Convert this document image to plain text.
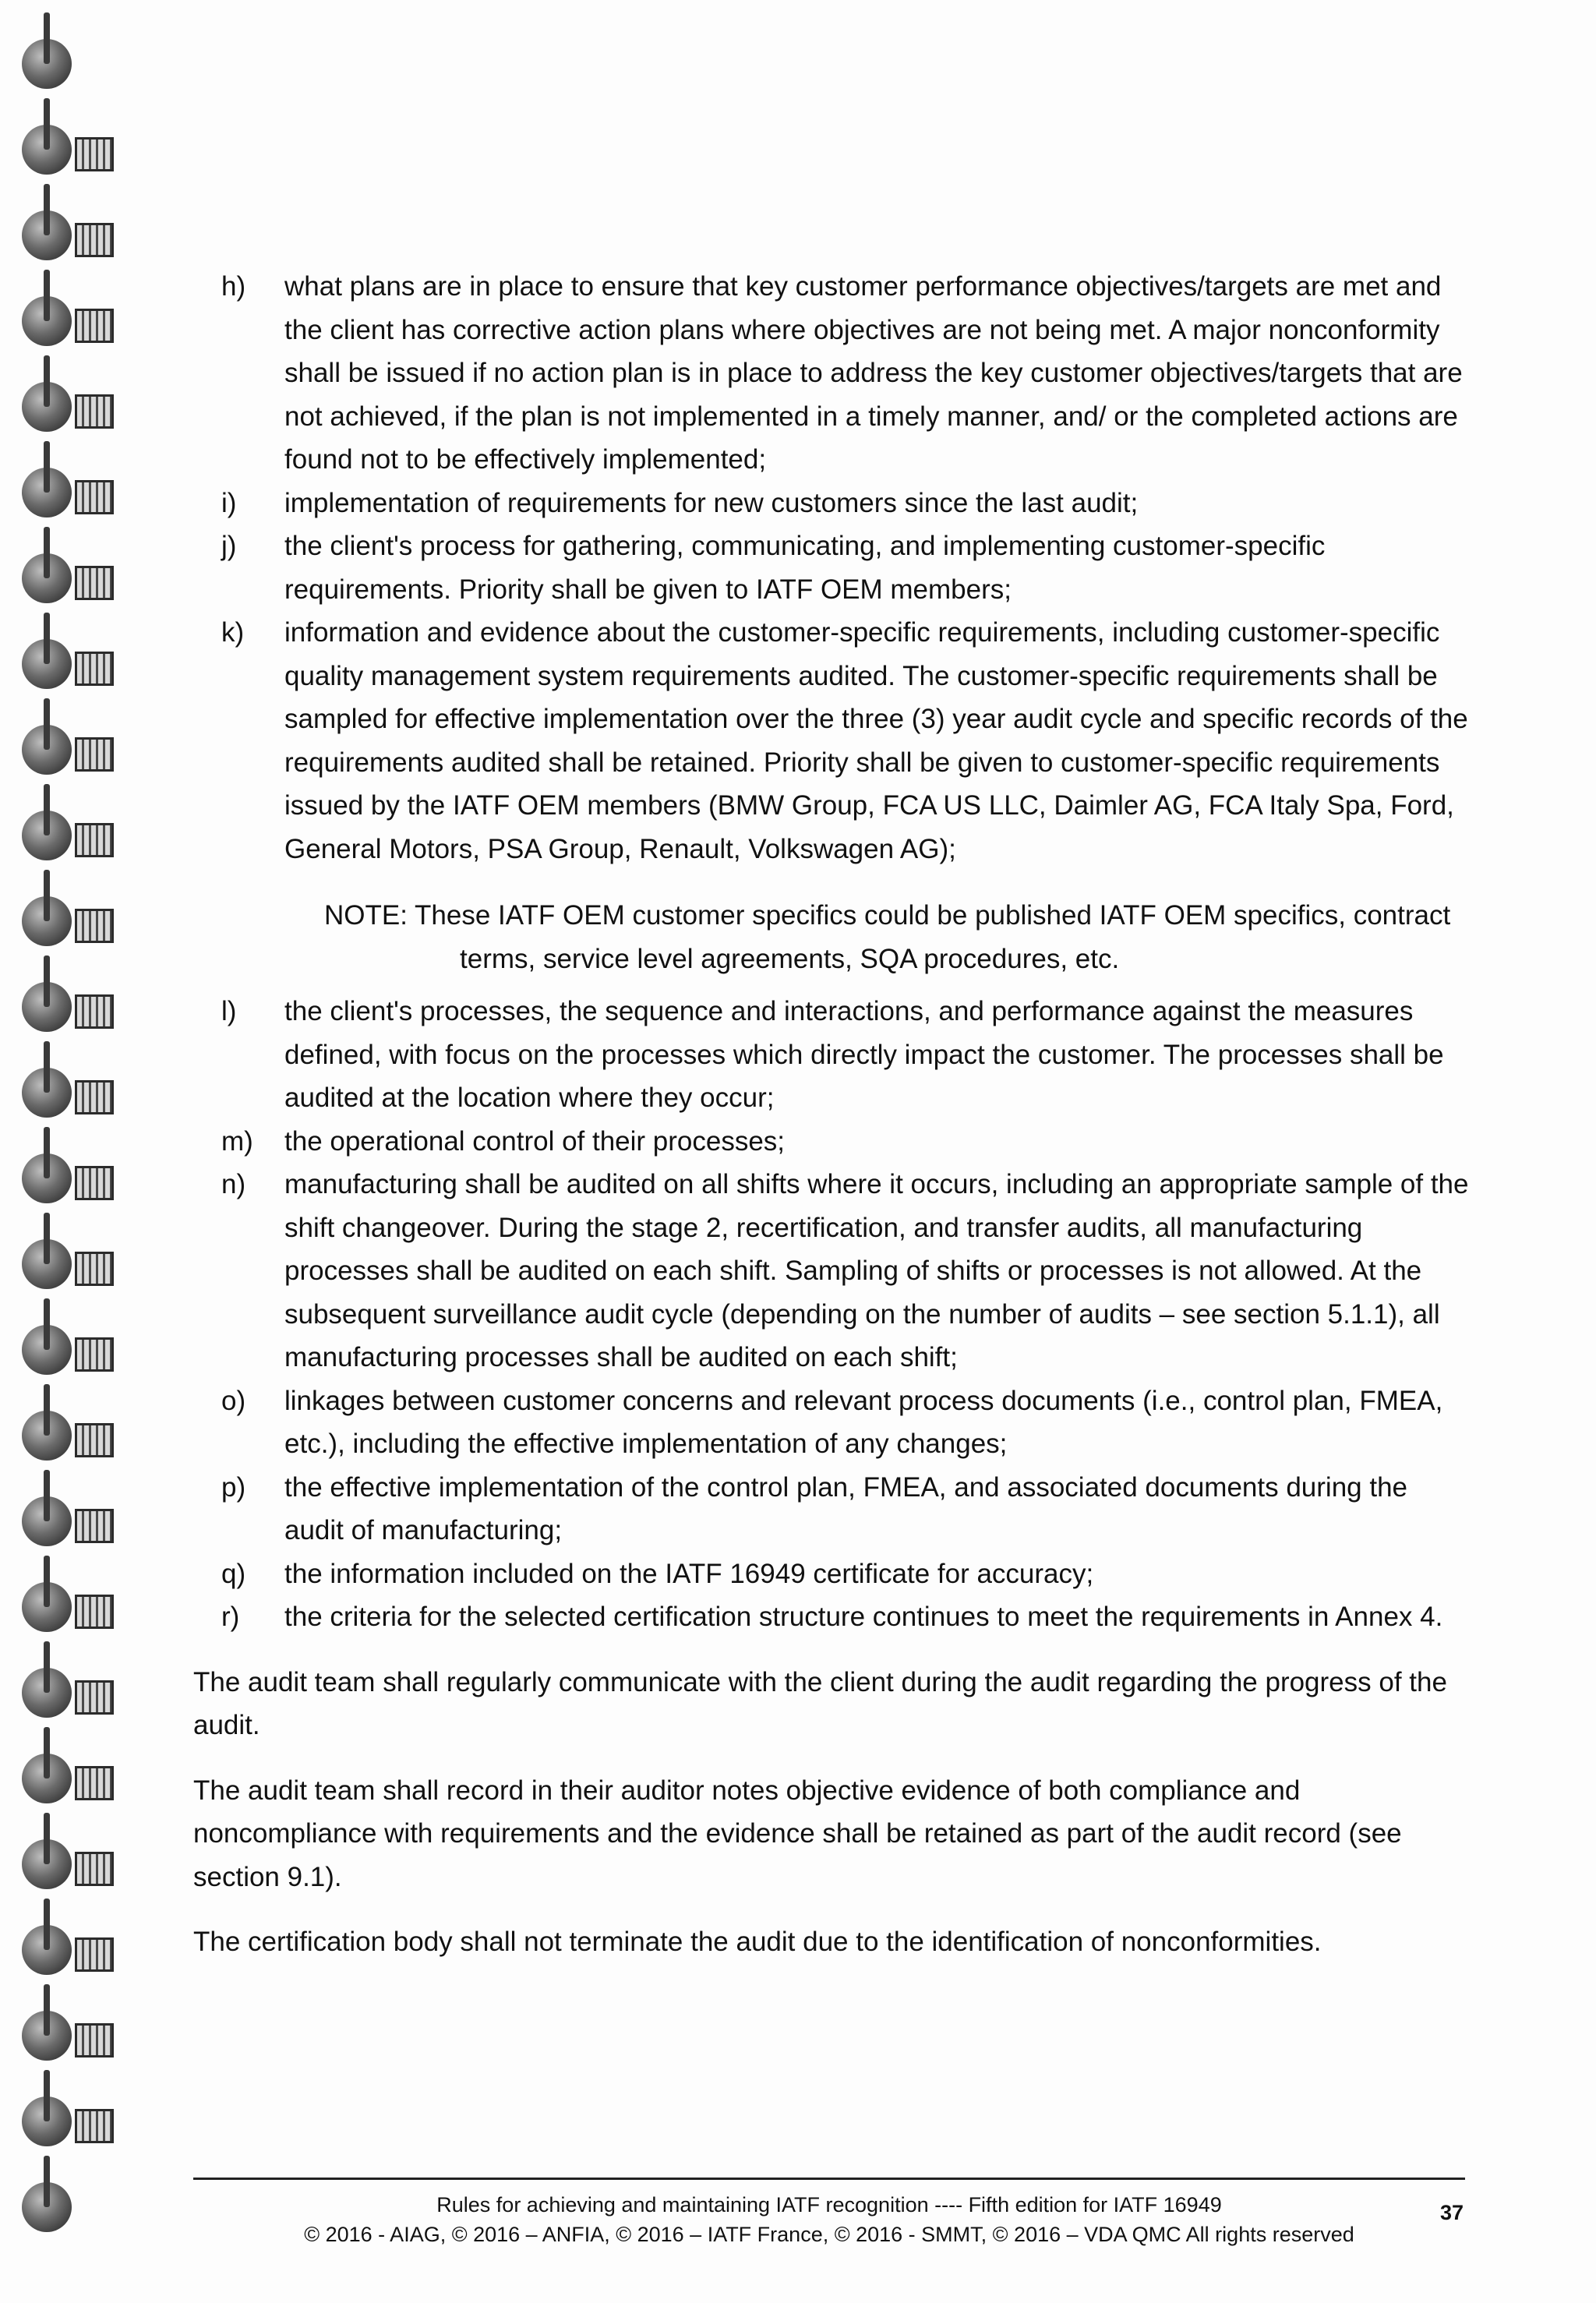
h) what plans are in place to ensure that key customer performance objectives/targets are met and the client has corrective action plans where objectives are not being met. A major nonconformity shall be issued if no action plan is in place to address the key customer objectives/targets that are not achieved, if the plan is not implemented in a timely manner, and/ or the completed actions are found not to be effectively implemented;
i) implementation of requirements for new customers since the last audit;
j) the client's process for gathering, communicating, and implementing customer-specific requirements. Priority shall be given to IATF OEM members;
k) information and evidence about the customer-specific requirements, including customer-specific quality management system requirements audited. The customer-specific requirements shall be sampled for effective implementation over the three (3) year audit cycle and specific records of the requirements audited shall be retained. Priority shall be given to customer-specific requirements issued by the IATF OEM members (BMW Group, FCA US LLC, Daimler AG, FCA Italy Spa, Ford, General Motors, PSA Group, Renault, Volkswagen AG);

NOTE: These IATF OEM customer specifics could be published IATF OEM specifics, contract terms, service level agreements, SQA procedures, etc.

l) the client's processes, the sequence and interactions, and performance against the measures defined, with focus on the processes which directly impact the customer. The processes shall be audited at the location where they occur;
m) the operational control of their processes;
n) manufacturing shall be audited on all shifts where it occurs, including an appropriate sample of the shift changeover. During the stage 2, recertification, and transfer audits, all manufacturing processes shall be audited on each shift. Sampling of shifts or processes is not allowed. At the subsequent surveillance audit cycle (depending on the number of audits – see section 5.1.1), all manufacturing processes shall be audited on each shift;
o) linkages between customer concerns and relevant process documents (i.e., control plan, FMEA, etc.), including the effective implementation of any changes;
p) the effective implementation of the control plan, FMEA, and associated documents during the audit of manufacturing;
q) the information included on the IATF 16949 certificate for accuracy;
r) the criteria for the selected certification structure continues to meet the requirements in Annex 4.

The audit team shall regularly communicate with the client during the audit regarding the progress of the audit.

The audit team shall record in their auditor notes objective evidence of both compliance and noncompliance with requirements and the evidence shall be retained as part of the audit record (see section 9.1).

The certification body shall not terminate the audit due to the identification of nonconformities.

Rules for achieving and maintaining IATF recognition ---- Fifth edition for IATF 16949
© 2016 - AIAG, © 2016 – ANFIA, © 2016 – IATF France, © 2016 - SMMT, © 2016 – VDA QMC All rights reserved
37
